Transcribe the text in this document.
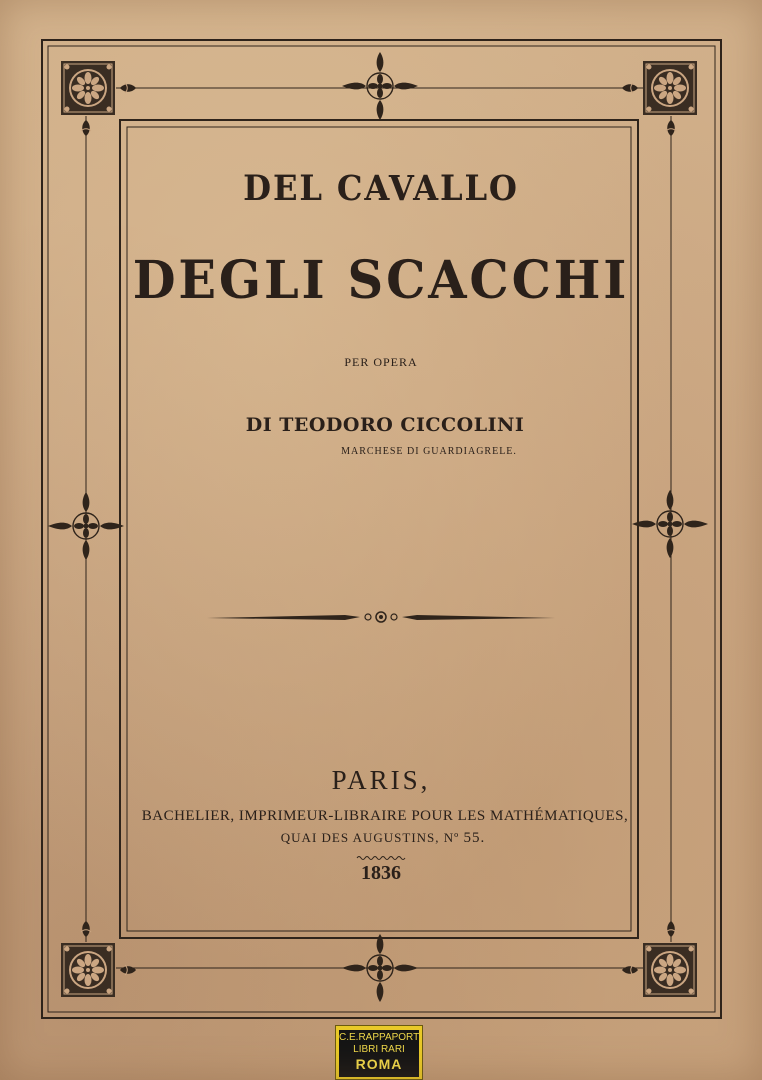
DEL CAVALLO
DEGLI SCACCHI
PER OPERA
DI TEODORO CICCOLINI
MARCHESE DI GUARDIAGRELE.
PARIS,
BACHELIER, IMPRIMEUR-LIBRAIRE POUR LES MATHÉMATIQUES,
QUAI DES AUGUSTINS, Nº 55.
1836
C.E.RAPPAPORT
LIBRI RARI
ROMA
